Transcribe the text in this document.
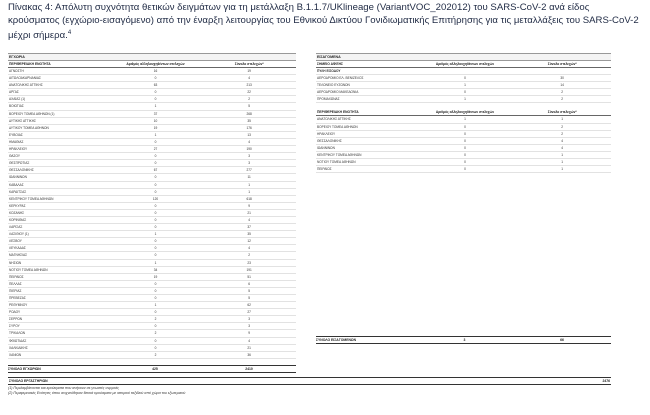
Πίνακας 4: Απόλυτη συχνότητα θετικών δειγμάτων για τη μετάλλαξη B.1.1.7/UKlineage (VariantVOC_202012) του SARS-CoV-2 ανά είδος κρούσματος (εγχώριο-εισαγόμενο) από την έναρξη λειτουργίας του Εθνικού Δικτύου Γονιδιωματικής Επιτήρησης για τις μεταλλάξεις του SARS-CoV-2 μέχρι σήμερα.$^4$
ΕΓΧΩΡΙΑ
ΠΕΡΙΦΕΡΕΙΑΚΗ ΕΝΟΤΗΤΑ	Αριθμός αλληλουχηθέντων στελεχών	Σύνολο στελεχών*
ΑΓΝΩΣΤΗ	16	19
ΑΙΤΩΛΟΑΚΑΡΝΑΝΙΑΣ	0	4
ΑΝΑΤΟΛΙΚΗΣ ΑΤΤΙΚΗΣ	63	213
ΑΡΓΑΣ	0	22
ΑΧΑΪΑΣ (1)	0	2
ΒΟΙΩΤΙΑΣ	1	5
ΒΟΡΕΙΟΥ ΤΟΜΕΑ ΑΘΗΝΩΝ (1)	37	268
ΔΥΤΙΚΗΣ ΑΤΤΙΚΗΣ	10	35
ΔΥΤΙΚΟΥ ΤΟΜΕΑ ΑΘΗΝΩΝ	19	176
ΕΥΒΟΙΑΣ	1	13
ΗΜΑΘΙΑΣ	0	4
ΗΡΑΚΛΕΙΟΥ	27	190
ΘΑΣΟΥ	0	3
ΘΕΣΠΡΩΤΙΑΣ	0	3
ΘΕΣΣΑΛΟΝΙΚΗΣ	67	277
ΙΩΑΝΝΙΝΩΝ	0	11
ΚΑΒΑΛΑΣ	0	1
ΚΑΡΔΙΤΣΑΣ	0	1
ΚΕΝΤΡΙΚΟΥ ΤΟΜΕΑ ΑΘΗΝΩΝ	120	618
ΚΕΡΚΥΡΑΣ	0	9
ΚΟΖΑΝΗΣ	0	21
ΚΟΡΙΝΘΙΑΣ	0	4
ΛΑΡΙΣΑΣ	0	37
ΛΑΣΙΘΙΟΥ (1)	1	35
ΛΕΣΒΟΥ	0	12
ΛΕΥΚΑΔΑΣ	0	4
ΜΑΓΝΗΣΙΑΣ	0	2
ΝΗΣΙΩΝ	1	23
ΝΟΤΙΟΥ ΤΟΜΕΑ ΑΘΗΝΩΝ	34	191
ΠΕΙΡΑΙΩΣ	19	51
ΠΕΛΛΑΣ	0	6
ΠΙΕΡΙΑΣ	0	5
ΠΡΕΒΕΖΑΣ	0	5
ΡΕΘΥΜΝΟΥ	1	62
ΡΟΔΟΥ	0	27
ΣΕΡΡΩΝ	2	3
ΣΥΡΟΥ	0	3
ΤΡΙΚΑΛΩΝ	2	9
ΦΘΙΩΤΙΔΑΣ	0	4
ΧΑΛΚΙΔΙΚΗΣ	0	21
ΧΑΝΙΩΝ	2	36
ΣΥΝΟΛΟ ΕΓΧΩΡΙΩΝ	425	2410
ΕΙΣΑΓΟΜΕΝΑ
ΣΗΜΕΙΟ ΑΦΙΞΗΣ	Αριθμός αλληλουχηθέντων στελεχών	Σύνολο στελεχών*
ΠΥΛΗ ΕΙΣΟΔΟΥ
ΑΕΡΟΔΡΟΜΙΟ ΕΛ. ΒΕΝΙΖΕΛΟΣ	0	30
ΤΕΛΩΝΕΙΟ ΕΥΖΩΝΩΝ	1	14
ΑΕΡΟΔΡΟΜΙΟ ΜΑΚΕΔΟΝΙΑ	0	2
ΠΡΟΜΑΧΩΝΑΣ	1	2
ΠΕΡΙΦΕΡΕΙΑΚΗ ΕΝΟΤΗΤΑ	Αριθμός αλληλουχηθέντων στελεχών	Σύνολο στελεχών*
ΑΝΑΤΟΛΙΚΗΣ ΑΤΤΙΚΗΣ	1	1
ΒΟΡΕΙΟΥ ΤΟΜΕΑ ΑΘΗΝΩΝ	0	2
ΗΡΑΚΛΕΙΟΥ	0	2
ΘΕΣΣΑΛΟΝΙΚΗΣ	0	4
ΙΩΑΝΝΙΝΩΝ	0	4
ΚΕΝΤΡΙΚΟΥ ΤΟΜΕΑ ΑΘΗΝΩΝ	0	1
ΝΟΤΙΟΥ ΤΟΜΕΑ ΑΘΗΝΩΝ	0	1
ΠΕΙΡΑΙΩΣ	0	1
ΣΥΝΟΛΟ ΕΙΣΑΓΟΜΕΝΩΝ	3	66
ΣΥΝΟΛΟ ΕΡΓΑΣΤΗΡΙΩΝ	2476
(1) Περιλαμβάνονται και κρούσματα που ανήκουν σε γνωστές συρροές
(2) Περιφερειακές Ενότητες όπου ανιχνεύθηκαν θετικά κρούσματα με ιστορικό ταξιδιού από χώρα του εξωτερικού
